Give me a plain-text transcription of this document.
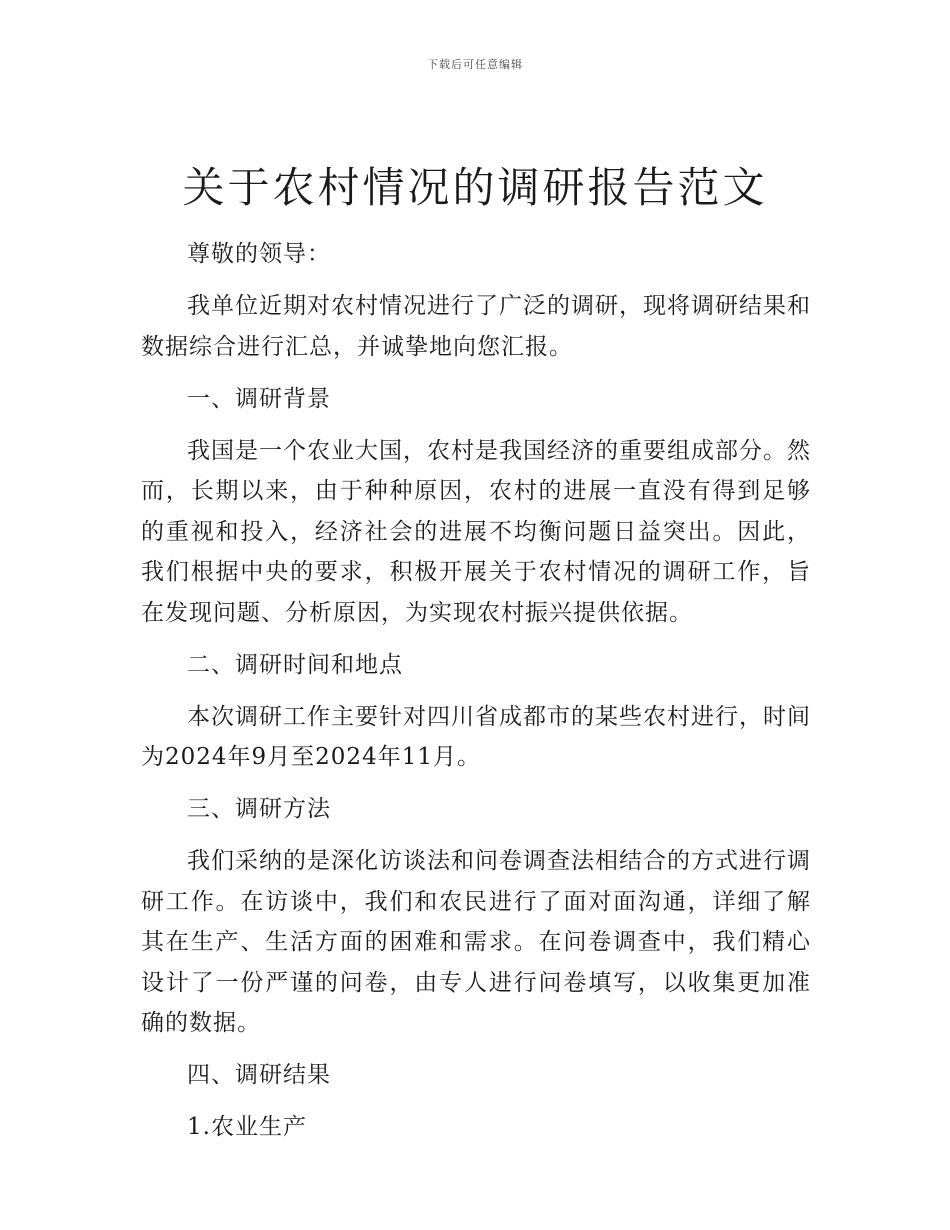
下载后可任意编辑
关于农村情况的调研报告范文

尊敬的领导：

我单位近期对农村情况进行了广泛的调研，现将调研结果和数据综合进行汇总，并诚挚地向您汇报。

一、调研背景

我国是一个农业大国，农村是我国经济的重要组成部分。然而，长期以来，由于种种原因，农村的进展一直没有得到足够的重视和投入，经济社会的进展不均衡问题日益突出。因此，我们根据中央的要求，积极开展关于农村情况的调研工作，旨在发现问题、分析原因，为实现农村振兴提供依据。

二、调研时间和地点

本次调研工作主要针对四川省成都市的某些农村进行，时间为2024年9月至2024年11月。

三、调研方法

我们采纳的是深化访谈法和问卷调查法相结合的方式进行调研工作。在访谈中，我们和农民进行了面对面沟通，详细了解其在生产、生活方面的困难和需求。在问卷调查中，我们精心设计了一份严谨的问卷，由专人进行问卷填写，以收集更加准确的数据。

四、调研结果

1.农业生产
